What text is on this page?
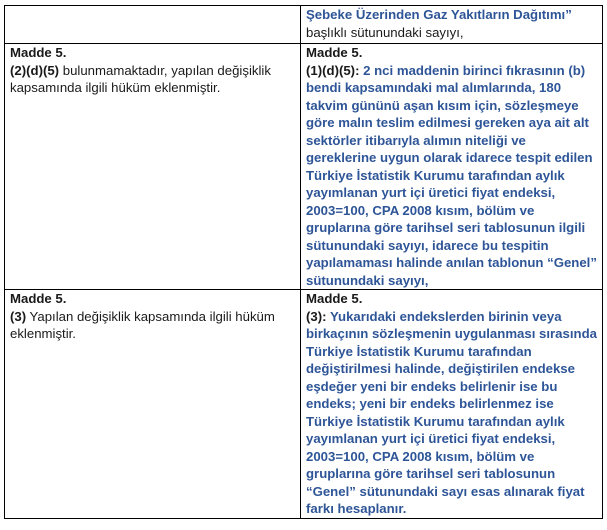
	Şebeke Üzerinden Gaz Yakıtların Dağıtımı”
başlıklı sütunundaki sayıyı,

Madde 5.
(2)(d)(5) bulunmamaktadır, yapılan değişiklik kapsamında ilgili hüküm eklenmiştir.	Madde 5.
(1)(d)(5): 2 nci maddenin birinci fıkrasının (b) bendi kapsamındaki mal alımlarında, 180 takvim gününü aşan kısım için, sözleşmeye göre malın teslim edilmesi gereken aya ait alt sektörler itibarıyla alımın niteliği ve gereklerine uygun olarak idarece tespit edilen Türkiye İstatistik Kurumu tarafından aylık yayımlanan yurt içi üretici fiyat endeksi, 2003=100, CPA 2008 kısım, bölüm ve gruplarına göre tarihsel seri tablosunun ilgili sütunundaki sayıyı, idarece bu tespitin yapılamaması halinde anılan tablonun “Genel” sütunundaki sayıyı,

Madde 5.
(3) Yapılan değişiklik kapsamında ilgili hüküm eklenmiştir.	Madde 5.
(3): Yukarıdaki endekslerden birinin veya birkaçının sözleşmenin uygulanması sırasında Türkiye İstatistik Kurumu tarafından değiştirilmesi halinde, değiştirilen endekse eşdeğer yeni bir endeks belirlenir ise bu endeks; yeni bir endeks belirlenmez ise Türkiye İstatistik Kurumu tarafından aylık yayımlanan yurt içi üretici fiyat endeksi, 2003=100, CPA 2008 kısım, bölüm ve gruplarına göre tarihsel seri tablosunun “Genel” sütunundaki sayı esas alınarak fiyat farkı hesaplanır.
